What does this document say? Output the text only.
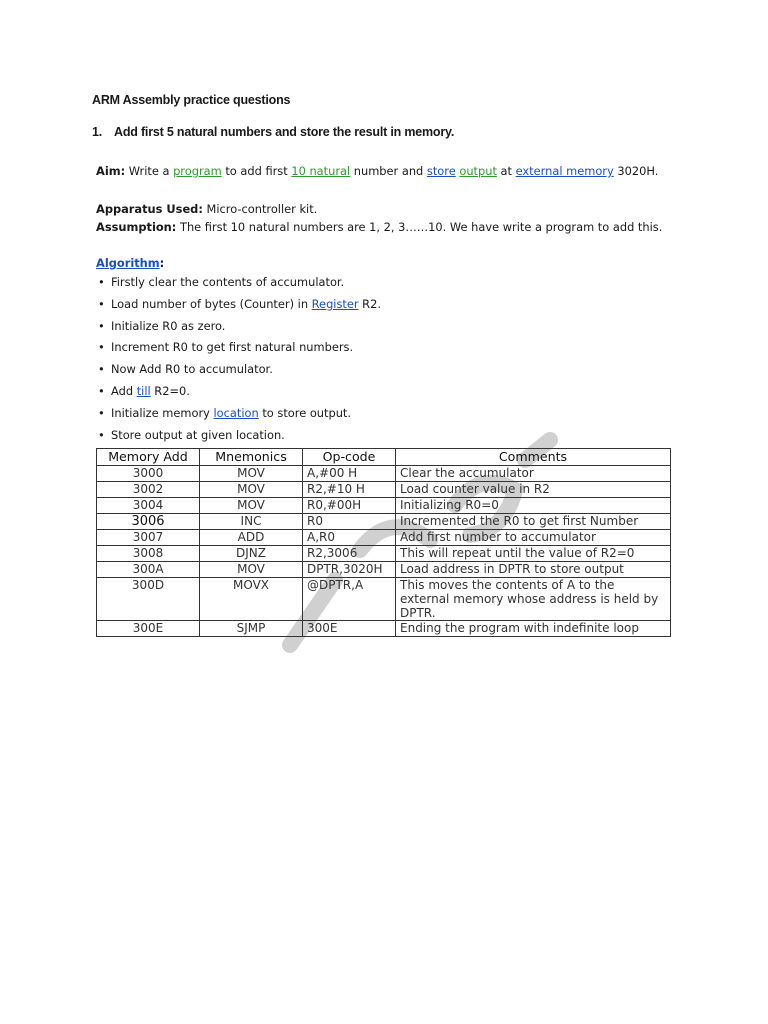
ARM Assembly practice questions
1. Add first 5 natural numbers and store the result in memory.
Aim: Write a program to add first 10 natural number and store output at external memory 3020H.
Apparatus Used: Micro-controller kit.
Assumption: The first 10 natural numbers are 1, 2, 3……10. We have write a program to add this.
Algorithm:
• Firstly clear the contents of accumulator.
• Load number of bytes (Counter) in Register R2.
• Initialize R0 as zero.
• Increment R0 to get first natural numbers.
• Now Add R0 to accumulator.
• Add till R2=0.
• Initialize memory location to store output.
• Store output at given location.
Memory Add	Mnemonics	Op-code	Comments
3000	MOV	A,#00 H	Clear the accumulator
3002	MOV	R2,#10 H	Load counter value in R2
3004	MOV	R0,#00H	Initializing R0=0
3006	INC	R0	Incremented the R0 to get first Number
3007	ADD	A,R0	Add first number to accumulator
3008	DJNZ	R2,3006	This will repeat until the value of R2=0
300A	MOV	DPTR,3020H	Load address in DPTR to store output
300D	MOVX	@DPTR,A	This moves the contents of A to the external memory whose address is held by DPTR.
300E	SJMP	300E	Ending the program with indefinite loop
